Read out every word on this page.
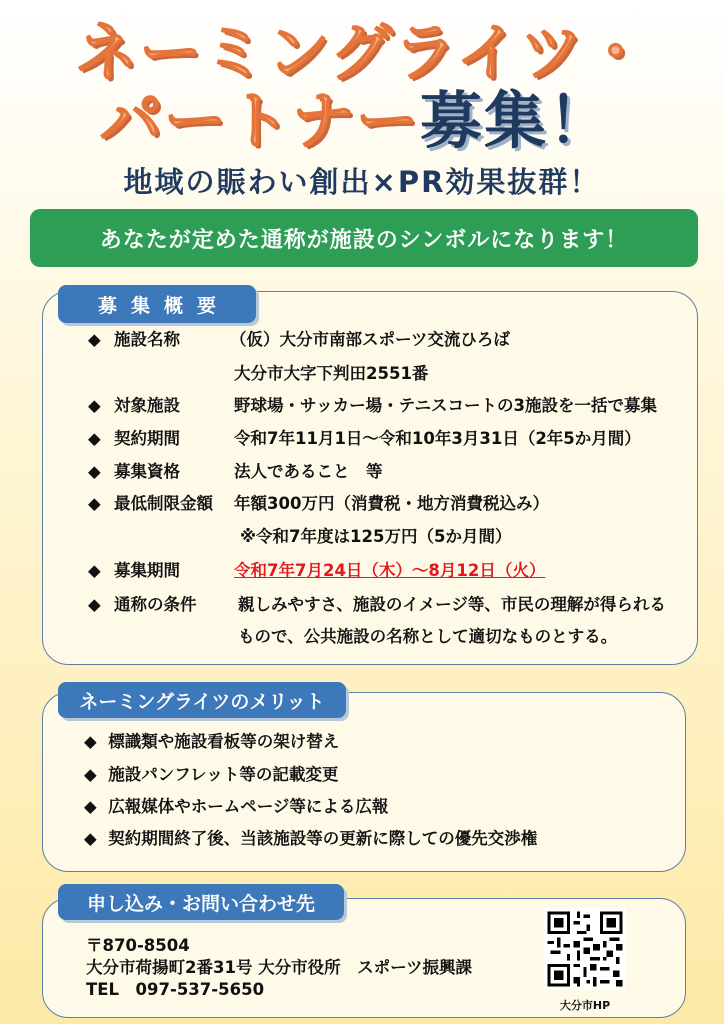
ネーミングライツ・
パートナー募集！
地域の賑わい創出×PR効果抜群！
あなたが定めた通称が施設のシンボルになります！
募集概要
◆ 施設名称	（仮）大分市南部スポーツ交流ひろば
大分市大字下判田2551番
◆ 対象施設	野球場・サッカー場・テニスコートの3施設を一括で募集
◆ 契約期間	令和7年11月1日～令和10年3月31日（2年5か月間）
◆ 募集資格	法人であること　等
◆ 最低制限金額 年額300万円（消費税・地方消費税込み）
※令和7年度は125万円（5か月間）
◆ 募集期間	令和7年7月24日（木）～8月12日（火）
◆ 通称の条件	親しみやすさ、施設のイメージ等、市民の理解が得られる
もので、公共施設の名称として適切なものとする。
ネーミングライツのメリット
◆ 標識類や施設看板等の架け替え
◆ 施設パンフレット等の記載変更
◆ 広報媒体やホームページ等による広報
◆ 契約期間終了後、当該施設等の更新に際しての優先交渉権
申し込み・お問い合わせ先
〒870-8504
大分市荷揚町2番31号 大分市役所　スポーツ振興課
TEL　097-537-5650
大分市HP
